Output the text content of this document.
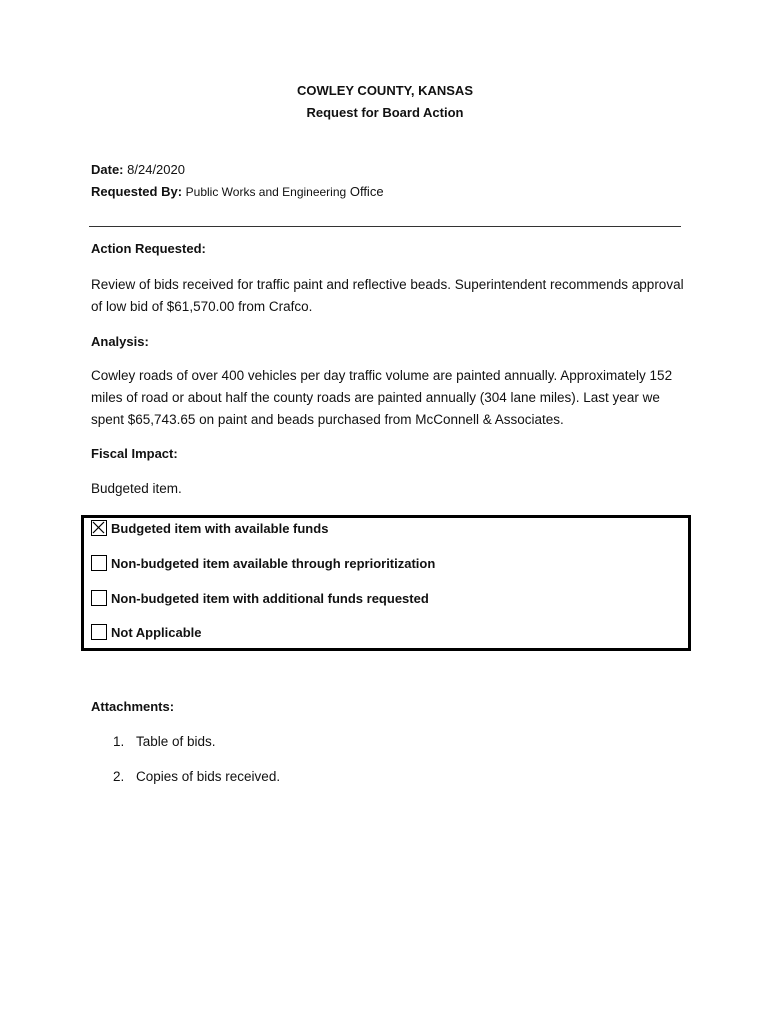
COWLEY COUNTY, KANSAS
Request for Board Action
Date: 8/24/2020
Requested By: Public Works and Engineering Office
Action Requested:
Review of bids received for traffic paint and reflective beads. Superintendent recommends approval of low bid of $61,570.00 from Crafco.
Analysis:
Cowley roads of over 400 vehicles per day traffic volume are painted annually. Approximately 152 miles of road or about half the county roads are painted annually (304 lane miles). Last year we spent $65,743.65 on paint and beads purchased from McConnell & Associates.
Fiscal Impact:
Budgeted item.
Budgeted item with available funds
Non-budgeted item available through reprioritization
Non-budgeted item with additional funds requested
Not Applicable
Attachments:
1. Table of bids.
2. Copies of bids received.
